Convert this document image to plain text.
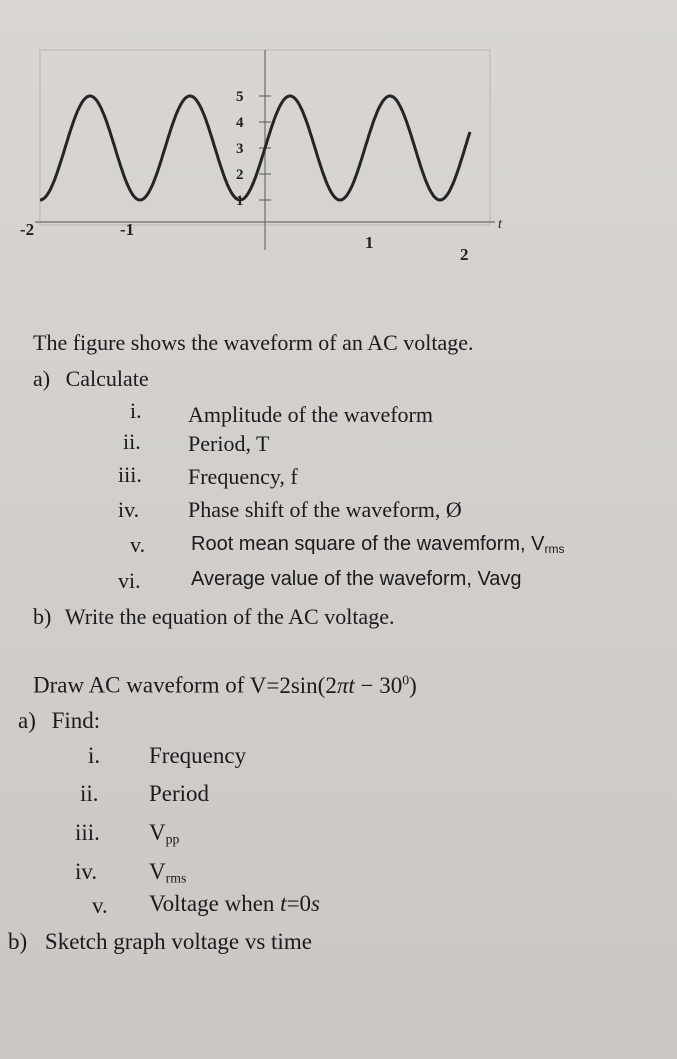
5
4
3
2
1
-2	-1
1
2
t
The figure shows the waveform of an AC voltage.
a) Calculate
i. Amplitude of the waveform
ii. Period, T
iii. Frequency, f
iv. Phase shift of the waveform, Ø
v. Root mean square of the wavemform, $V_{rms}$
vi.	Average value of the waveform, Vavg
b) Write the equation of the AC voltage.
Draw AC waveform of $V=2\sin(2\pi t - 30^0)$
a) Find:
i. Frequency
ii. Period
iii. $V_{pp}$
iv. $V_{rms}$
v. Voltage when t=0s
b) Sketch graph voltage vs time
